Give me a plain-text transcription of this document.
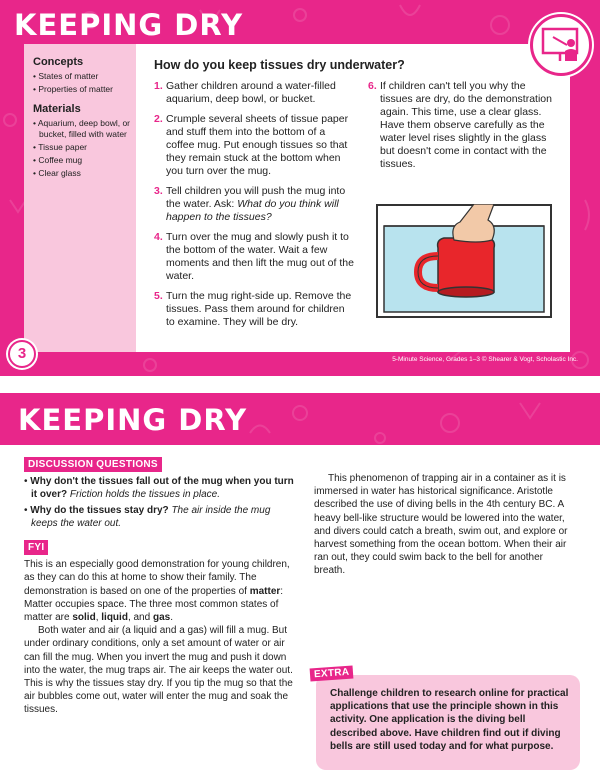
KEEPING DRY
Concepts
• States of matter
• Properties of matter
Materials
• Aquarium, deep bowl, or bucket, filled with water
• Tissue paper
• Coffee mug
• Clear glass
How do you keep tissues dry underwater?
1. Gather children around a water-filled aquarium, deep bowl, or bucket.
2. Crumple several sheets of tissue paper and stuff them into the bottom of a coffee mug. Put enough tissues so that they remain stuck at the bottom when you turn over the mug.
3. Tell children you will push the mug into the water. Ask: What do you think will happen to the tissues?
4. Turn over the mug and slowly push it to the bottom of the water. Wait a few moments and then lift the mug out of the water.
5. Turn the mug right-side up. Remove the tissues. Pass them around for children to examine. They will be dry.
6. If children can't tell you why the tissues are dry, do the demonstration again. This time, use a clear glass. Have them observe carefully as the water level rises slightly in the glass but doesn't come in contact with the tissues.
3	5-Minute Science, Grades 1–3 © Shearer & Vogt, Scholastic Inc.
KEEPING DRY
DISCUSSION QUESTIONS
• Why don't the tissues fall out of the mug when you turn it over? Friction holds the tissues in place.
• Why do the tissues stay dry? The air inside the mug keeps the water out.
FYI

This is an especially good demonstration for young children, as they can do this at home to show their family. The demonstration is based on one of the properties of matter: Matter occupies space. The three most common states of matter are solid, liquid, and gas.

Both water and air (a liquid and a gas) will fill a mug. But under ordinary conditions, only a set amount of water or air can fill the mug. When you invert the mug and push it down into the water, the mug traps air. The air keeps the water out. This is why the tissues stay dry. If you tip the mug so that the air bubbles come out, water will enter the mug and soak the tissues.

This phenomenon of trapping air in a container as it is immersed in water has historical significance. Aristotle described the use of diving bells in the 4th century BC. A heavy bell-like structure would be lowered into the water, and divers could catch a breath, swim out, and explore or harvest something from the ocean bottom. When their air ran out, they could swim back to the bell for another breath.

EXTRA
Challenge children to research online for practical applications that use the principle shown in this activity. One application is the diving bell described above. Have children find out if diving bells are still used today and for what purpose.
